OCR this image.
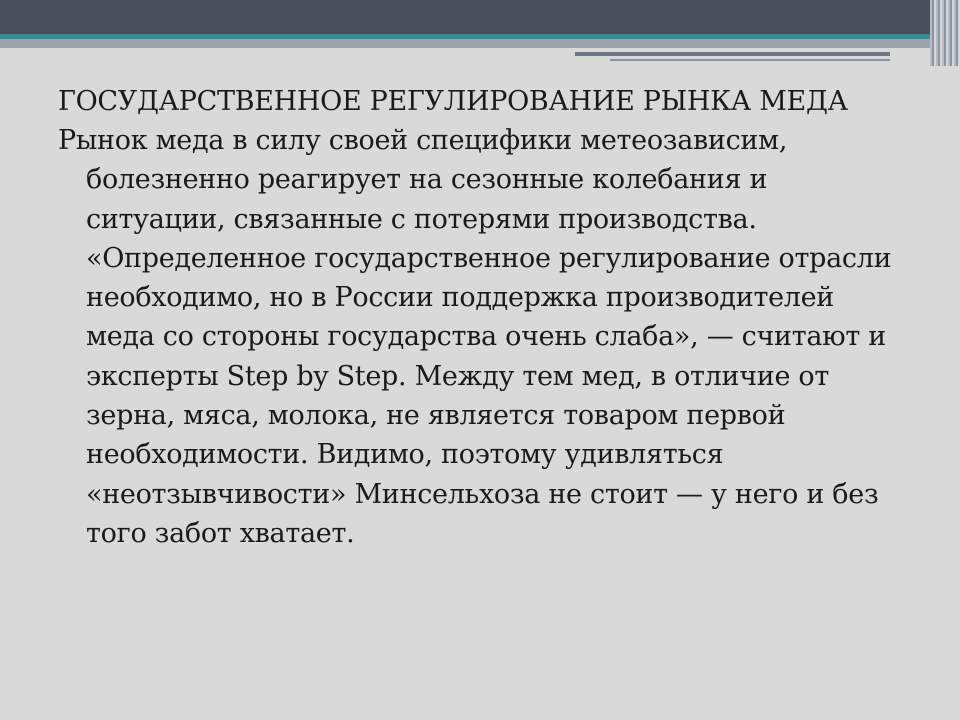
ГОСУДАРСТВЕННОЕ РЕГУЛИРОВАНИЕ РЫНКА МЕДА

Рынок меда в силу своей специфики метеозависим, болезненно реагирует на сезонные колебания и ситуации, связанные с потерями производства. «Определенное государственное регулирование отрасли необходимо, но в России поддержка производителей меда со стороны государства очень слаба», — считают и эксперты Step by Step. Между тем мед, в отличие от зерна, мяса, молока, не является товаром первой необходимости. Видимо, поэтому удивляться «неотзывчивости» Минсельхоза не стоит — у него и без того забот хватает.
